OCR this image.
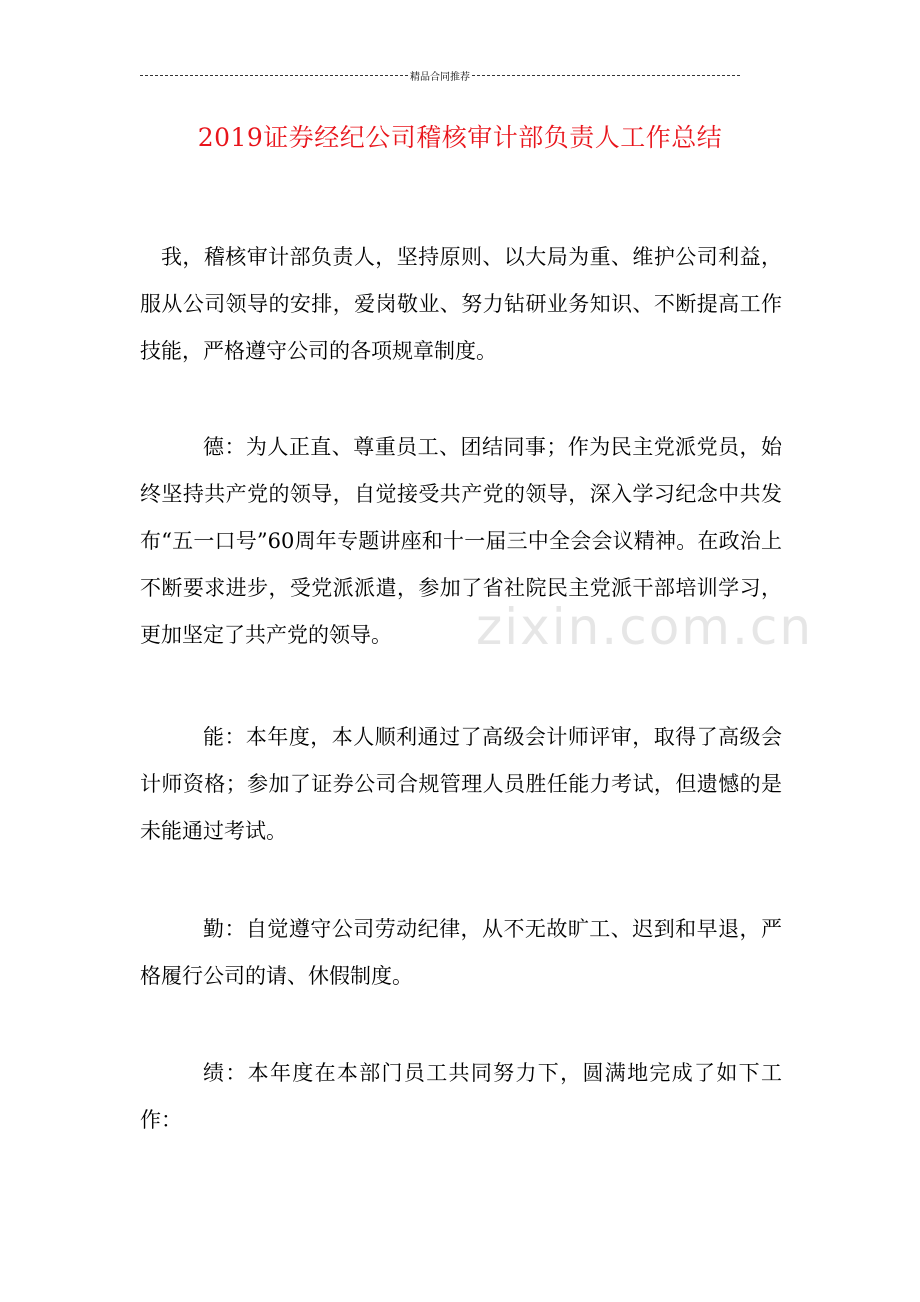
精品合同推荐
2019证券经纪公司稽核审计部负责人工作总结

我，稽核审计部负责人，坚持原则、以大局为重、维护公司利益，服从公司领导的安排，爱岗敬业、努力钻研业务知识、不断提高工作技能，严格遵守公司的各项规章制度。

德：为人正直、尊重员工、团结同事；作为民主党派党员，始终坚持共产党的领导，自觉接受共产党的领导，深入学习纪念中共发布“五一口号”60周年专题讲座和十一届三中全会会议精神。在政治上不断要求进步，受党派派遣，参加了省社院民主党派干部培训学习，更加坚定了共产党的领导。

能：本年度，本人顺利通过了高级会计师评审，取得了高级会计师资格；参加了证券公司合规管理人员胜任能力考试，但遗憾的是未能通过考试。

勤：自觉遵守公司劳动纪律，从不无故旷工、迟到和早退，严格履行公司的请、休假制度。

绩：本年度在本部门员工共同努力下，圆满地完成了如下工作：

zixin.com.cn
